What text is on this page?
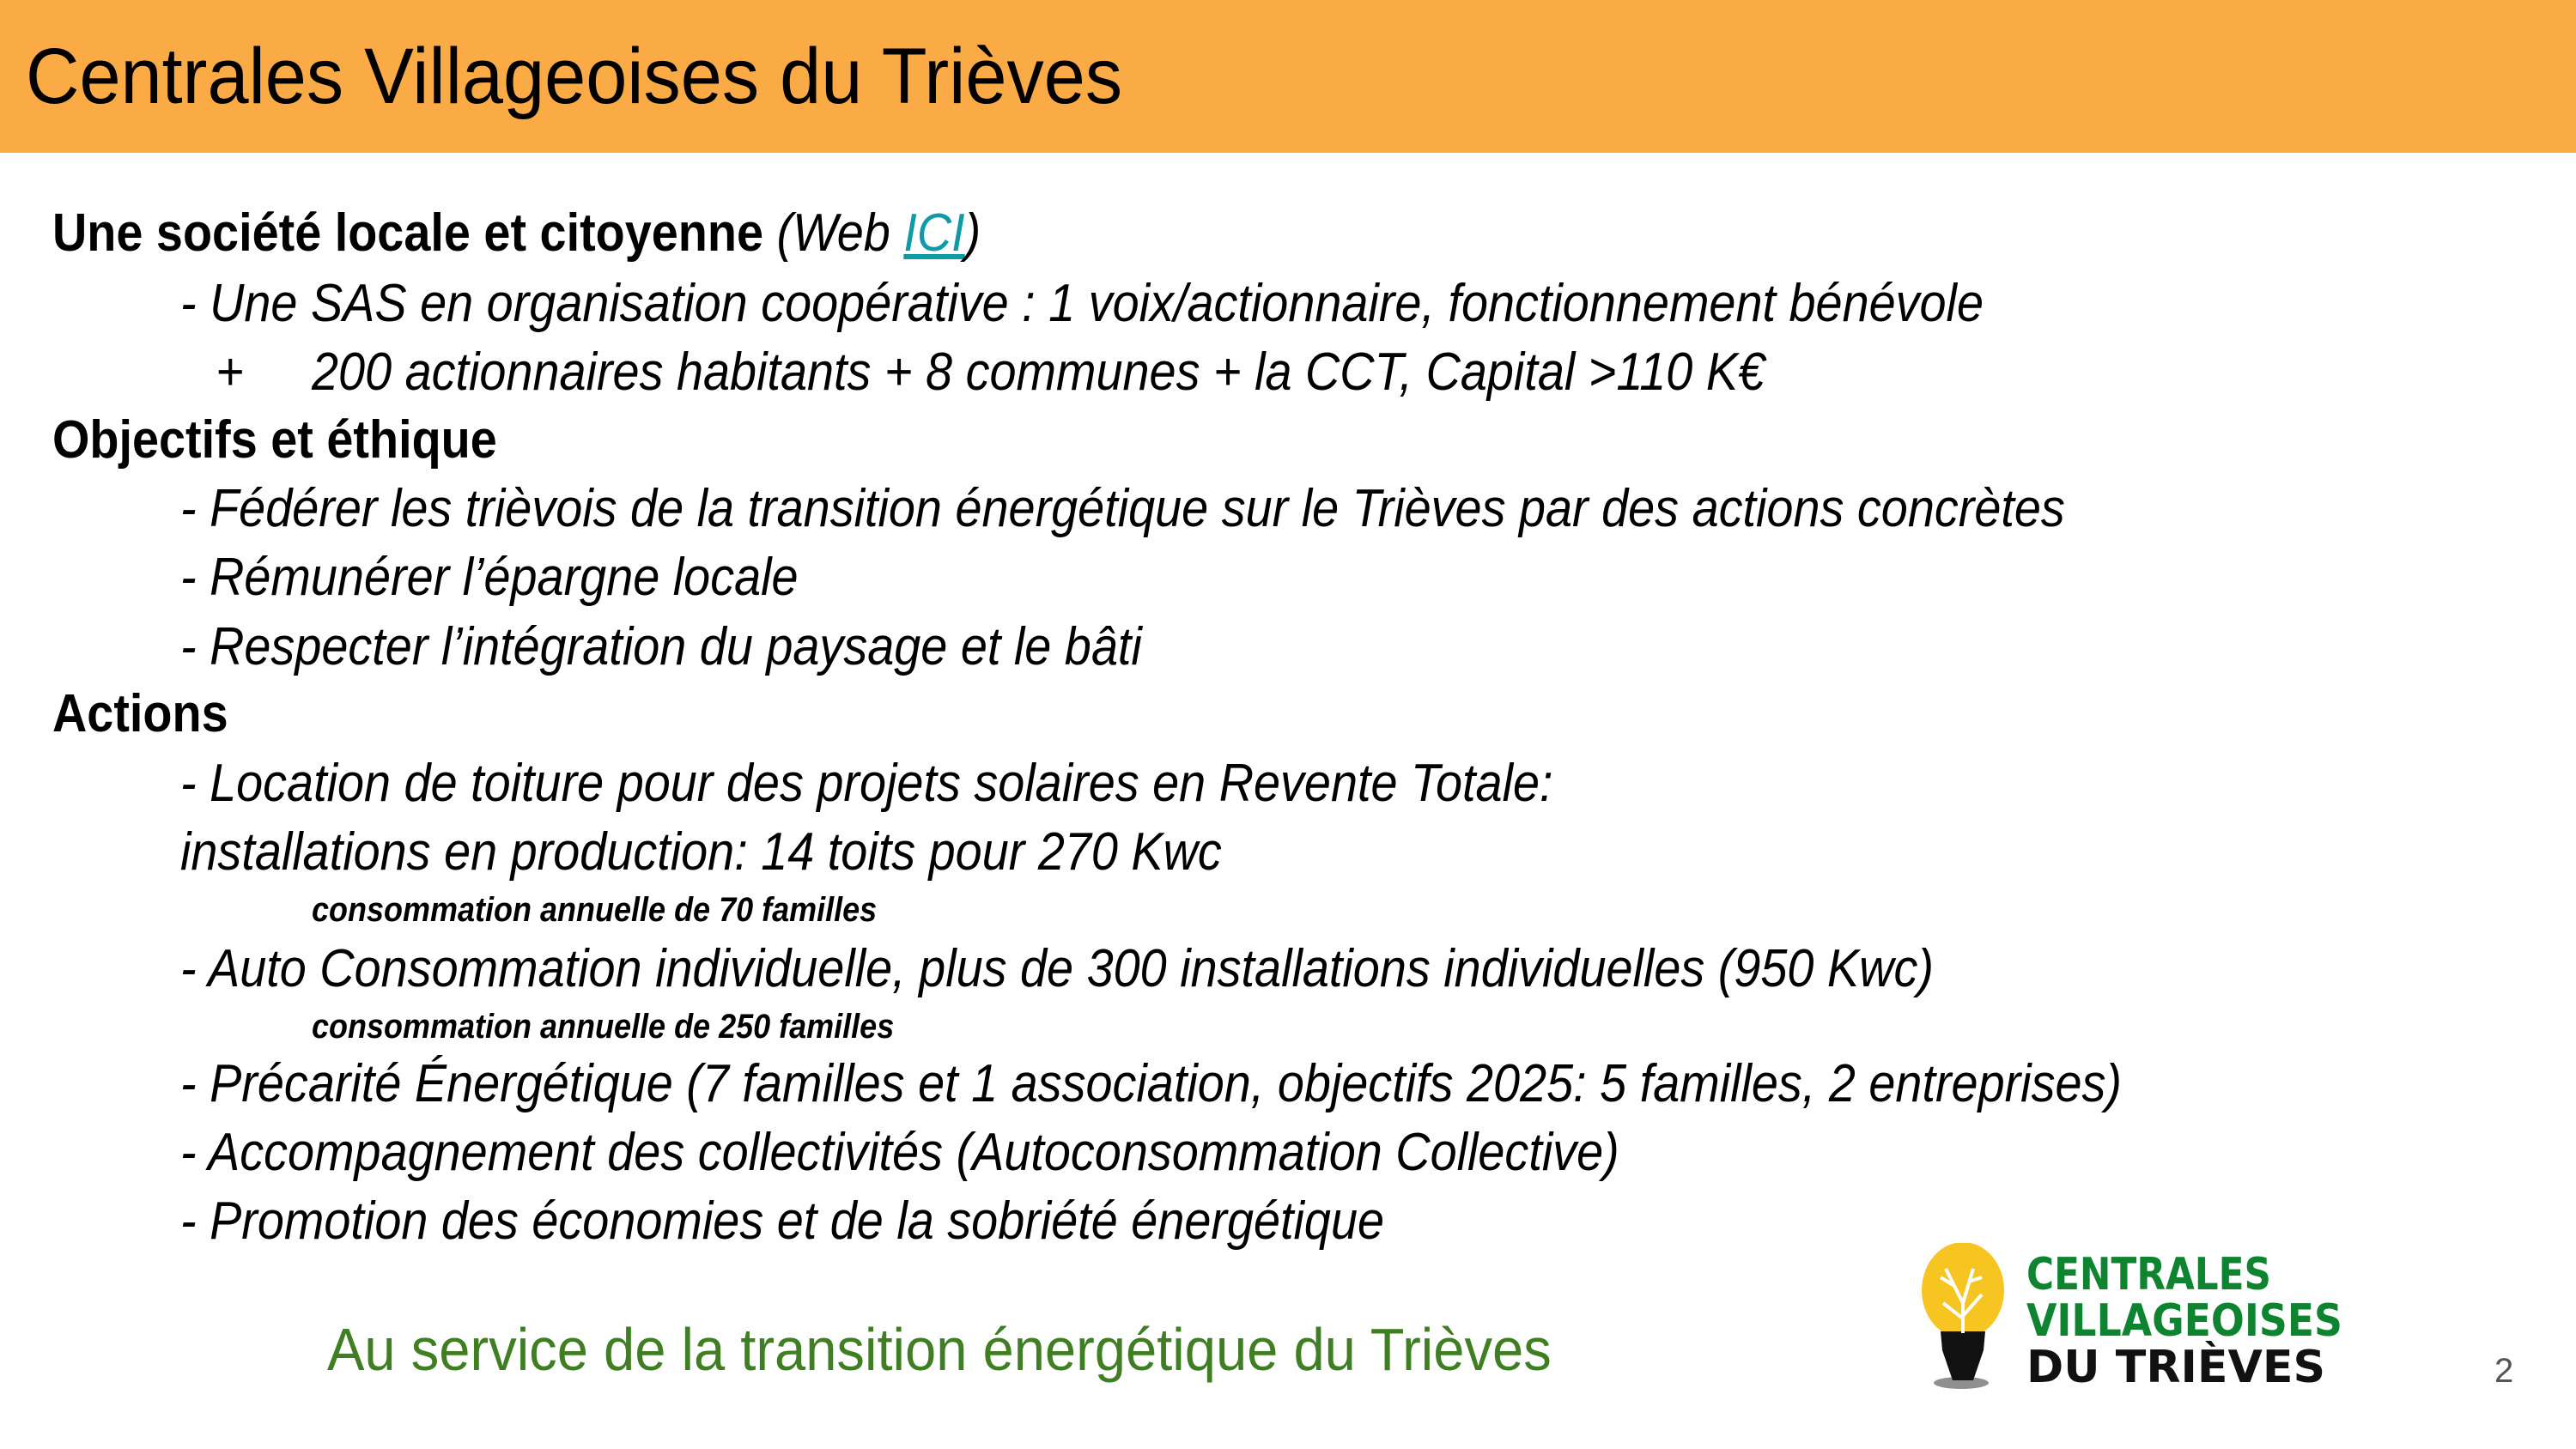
Centrales Villageoises du Trièves
Une société locale et citoyenne (Web ICI)
- Une SAS en organisation coopérative : 1 voix/actionnaire, fonctionnement bénévole
+ 200 actionnaires habitants + 8 communes + la CCT, Capital >110 K€
Objectifs et éthique
- Fédérer les trièvois de la transition énergétique sur le Trièves par des actions concrètes
- Rémunérer l’épargne locale
- Respecter l’intégration du paysage et le bâti
Actions
- Location de toiture pour des projets solaires en Revente Totale:
installations en production: 14 toits pour 270 Kwc
consommation annuelle de 70 familles
- Auto Consommation individuelle, plus de 300 installations individuelles (950 Kwc)
consommation annuelle de 250 familles
- Précarité Énergétique (7 familles et 1 association, objectifs 2025: 5 familles, 2 entreprises)
- Accompagnement des collectivités (Autoconsommation Collective)
- Promotion des économies et de la sobriété énergétique
Au service de la transition énergétique du Trièves
CENTRALES
VILLAGEOISES
DU TRIÈVES	2
